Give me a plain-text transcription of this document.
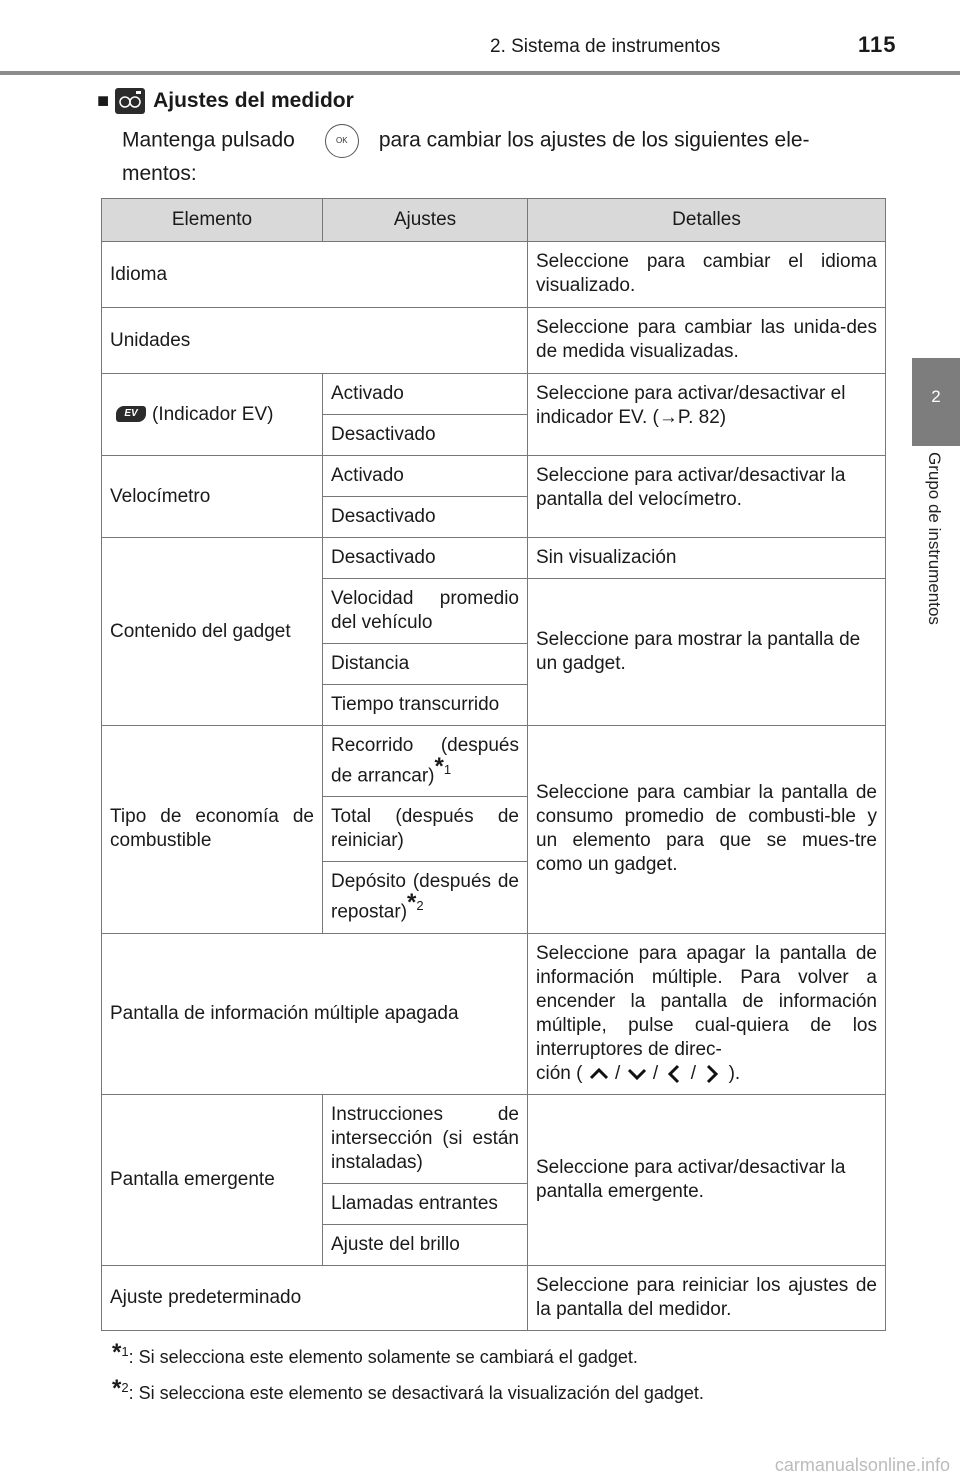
2. Sistema de instrumentos	115
2
Grupo de instrumentos
■ Ajustes del medidor
Mantenga pulsado	OK para cambiar los ajustes de los siguientes ele-mentos:
Elemento	Ajustes	Detalles
Idioma		Seleccione para cambiar el idioma visualizado.
Unidades		Seleccione para cambiar las unida-des de medida visualizadas.
EV (Indicador EV)	Activado	Seleccione para activar/desactivar el indicador EV. (→P. 82)
	Desactivado	
Velocímetro	Activado	Seleccione para activar/desactivar la pantalla del velocímetro.
	Desactivado	
Contenido del gadget	Desactivado	Sin visualización
	Velocidad promedio del vehículo	Seleccione para mostrar la pantalla de un gadget.
	Distancia	
	Tiempo transcurrido	
Tipo de economía de combustible	Recorrido (después de arrancar)*$^1$	Seleccione para cambiar la pantalla de consumo promedio de combusti-ble y un elemento para que se mues-tre como un gadget.
	Total (después de reiniciar)	
	Depósito (después de repostar)*$^2$
Pantalla de información múltiple apagada		Seleccione para apagar la pantalla de información múltiple. Para volver a encender la pantalla de información múltiple, pulse cual-quiera de los interruptores de direc-
ción ( / / / ).
Pantalla emergente	Instrucciones de intersección (si están instaladas)	Seleccione para activar/desactivar la pantalla emergente.
	Llamadas entrantes	
	Ajuste del brillo	
Ajuste predeterminado		Seleccione para reiniciar los ajustes de la pantalla del medidor.
*$^1$: Si selecciona este elemento solamente se cambiará el gadget.
*$^2$: Si selecciona este elemento se desactivará la visualización del gadget.
carmanualsonline.info
